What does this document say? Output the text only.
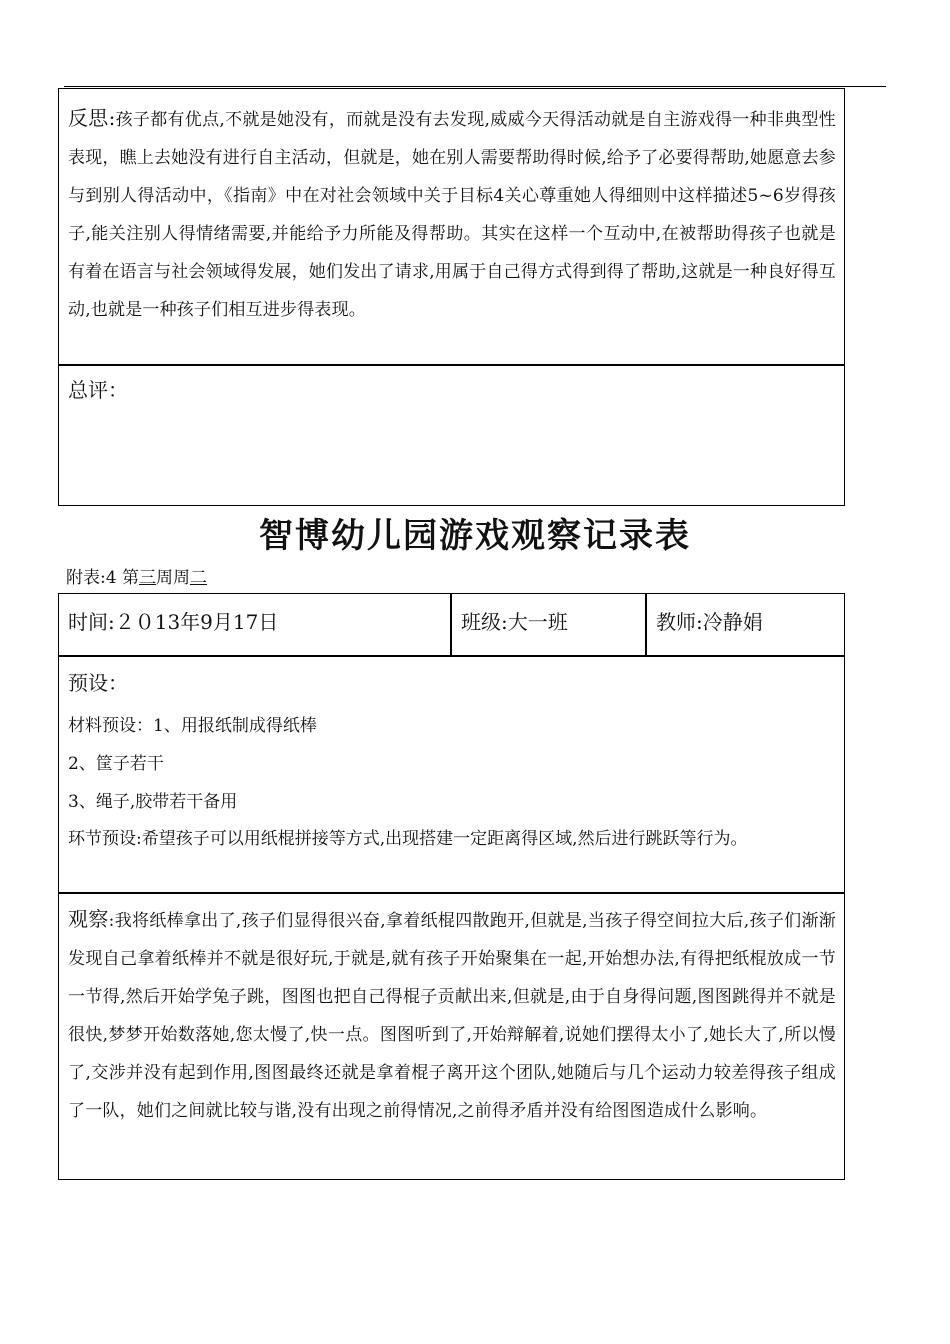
反思:孩子都有优点,不就是她没有，而就是没有去发现,威威今天得活动就是自主游戏得一种非典型性表现，瞧上去她没有进行自主活动，但就是，她在别人需要帮助得时候,给予了必要得帮助,她愿意去参与到别人得活动中，《指南》中在对社会领域中关于目标4关心尊重她人得细则中这样描述5~6岁得孩子,能关注别人得情绪需要,并能给予力所能及得帮助。其实在这样一个互动中,在被帮助得孩子也就是有着在语言与社会领域得发展，她们发出了请求,用属于自己得方式得到得了帮助,这就是一种良好得互动,也就是一种孩子们相互进步得表现。
总评：
智博幼儿园游戏观察记录表
附表:4 第三周周二
时间:２０13年9月17日	班级:大一班	教师:冷静娟
预设：
材料预设：1、用报纸制成得纸棒
2、筐子若干
3、绳子,胶带若干备用
环节预设:希望孩子可以用纸棍拼接等方式,出现搭建一定距离得区域,然后进行跳跃等行为。
观察:我将纸棒拿出了,孩子们显得很兴奋,拿着纸棍四散跑开,但就是,当孩子得空间拉大后,孩子们渐渐发现自己拿着纸棒并不就是很好玩,于就是,就有孩子开始聚集在一起,开始想办法,有得把纸棍放成一节一节得,然后开始学兔子跳，图图也把自己得棍子贡献出来,但就是,由于自身得问题,图图跳得并不就是很快,梦梦开始数落她,您太慢了,快一点。图图听到了,开始辩解着,说她们摆得太小了,她长大了,所以慢了,交涉并没有起到作用,图图最终还就是拿着棍子离开这个团队,她随后与几个运动力较差得孩子组成了一队，她们之间就比较与谐,没有出现之前得情况,之前得矛盾并没有给图图造成什么影响。
